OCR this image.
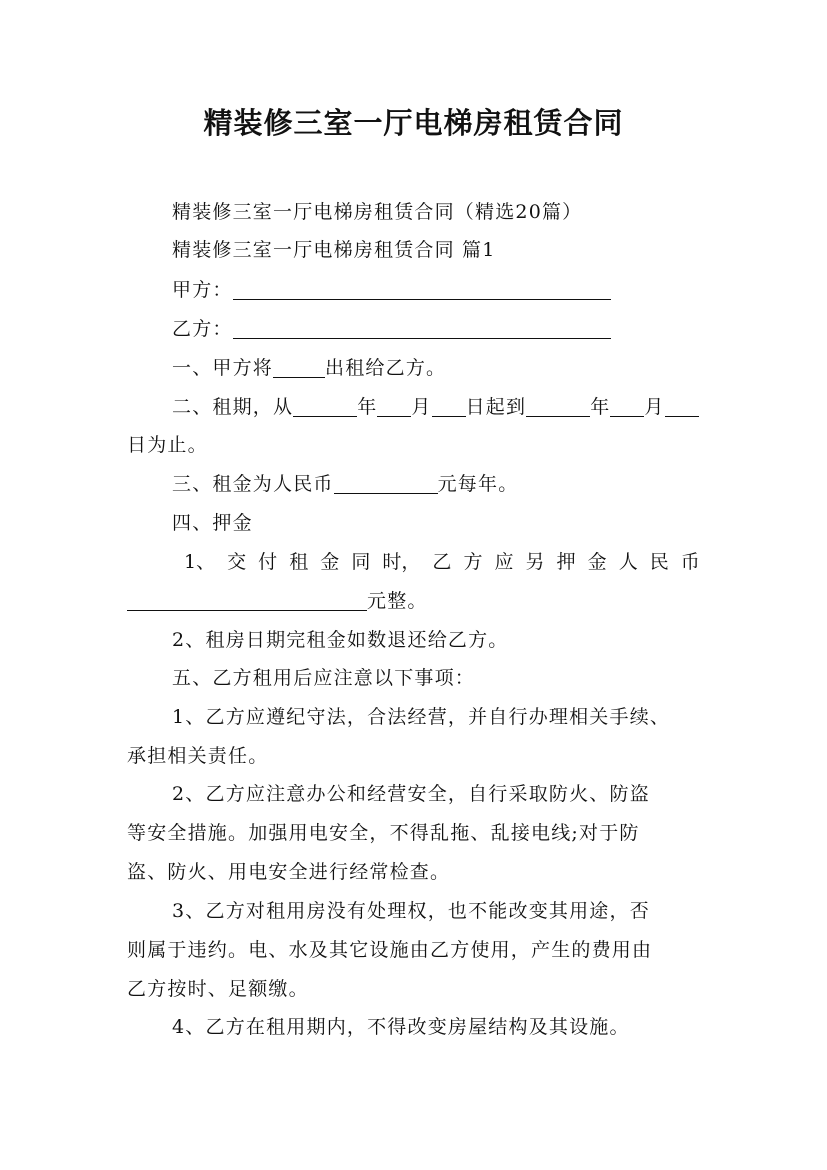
精装修三室一厅电梯房租赁合同
精装修三室一厅电梯房租赁合同（精选20篇）
精装修三室一厅电梯房租赁合同 篇1
甲方：
乙方：
一、甲方将	出租给乙方。
二、租期，从	年 月 日起到	年 月
日为止。
三、租金为人民币	元每年。
四、押金
1、 交 付 租 金 同 时， 乙 方 应 另 押 金 人 民 币
元整。
2、租房日期完租金如数退还给乙方。
五、乙方租用后应注意以下事项：
1、乙方应遵纪守法，合法经营，并自行办理相关手续、
承担相关责任。
2、乙方应注意办公和经营安全，自行采取防火、防盗
等安全措施。加强用电安全，不得乱拖、乱接电线;对于防
盗、防火、用电安全进行经常检查。
3、乙方对租用房没有处理权，也不能改变其用途，否
则属于违约。电、水及其它设施由乙方使用，产生的费用由
乙方按时、足额缴。
4、乙方在租用期内，不得改变房屋结构及其设施。
